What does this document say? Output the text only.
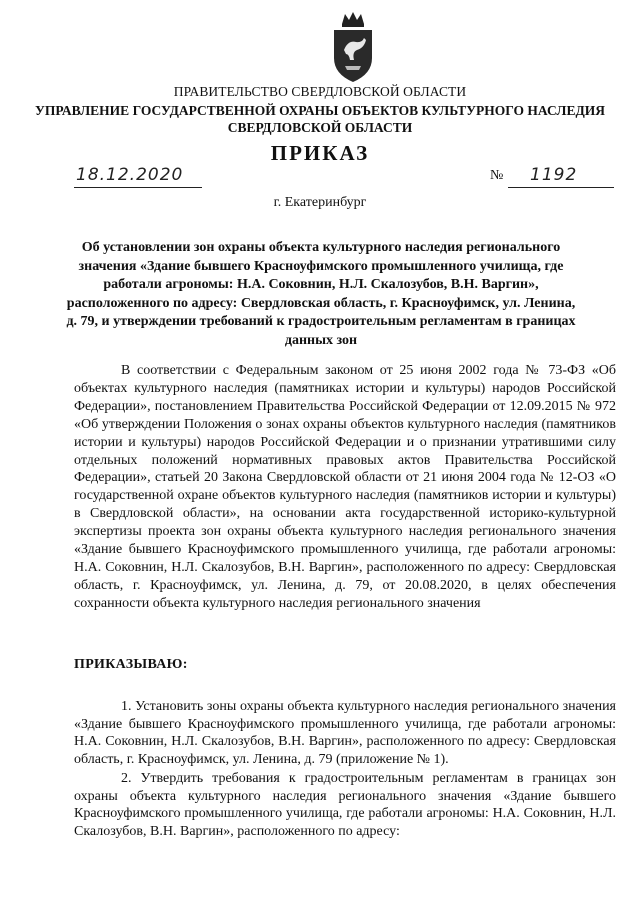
ПРАВИТЕЛЬСТВО СВЕРДЛОВСКОЙ ОБЛАСТИ
УПРАВЛЕНИЕ ГОСУДАРСТВЕННОЙ ОХРАНЫ ОБЪЕКТОВ КУЛЬТУРНОГО НАСЛЕДИЯ
СВЕРДЛОВСКОЙ ОБЛАСТИ
ПРИКАЗ
18.12.2020	№ 1192
г. Екатеринбург
Об установлении зон охраны объекта культурного наследия регионального значения «Здание бывшего Красноуфимского промышленного училища, где работали агрономы: Н.А. Соковнин, Н.Л. Скалозубов, В.Н. Варгин», расположенного по адресу: Свердловская область, г. Красноуфимск, ул. Ленина, д. 79, и утверждении требований к градостроительным регламентам в границах данных зон
В соответствии с Федеральным законом от 25 июня 2002 года № 73-ФЗ «Об объектах культурного наследия (памятниках истории и культуры) народов Российской Федерации», постановлением Правительства Российской Федерации от 12.09.2015 № 972 «Об утверждении Положения о зонах охраны объектов культурного наследия (памятников истории и культуры) народов Российской Федерации и о признании утратившими силу отдельных положений нормативных правовых актов Правительства Российской Федерации», статьей 20 Закона Свердловской области от 21 июня 2004 года № 12-ОЗ «О государственной охране объектов культурного наследия (памятников истории и культуры) в Свердловской области», на основании акта государственной историко-культурной экспертизы проекта зон охраны объекта культурного наследия регионального значения «Здание бывшего Красноуфимского промышленного училища, где работали агрономы: Н.А. Соковнин, Н.Л. Скалозубов, В.Н. Варгин», расположенного по адресу: Свердловская область, г. Красноуфимск, ул. Ленина, д. 79, от 20.08.2020, в целях обеспечения сохранности объекта культурного наследия регионального значения
ПРИКАЗЫВАЮ:

1. Установить зоны охраны объекта культурного наследия регионального значения «Здание бывшего Красноуфимского промышленного училища, где работали агрономы: Н.А. Соковнин, Н.Л. Скалозубов, В.Н. Варгин», расположенного по адресу: Свердловская область, г. Красноуфимск, ул. Ленина, д. 79 (приложение № 1).

2. Утвердить требования к градостроительным регламентам в границах зон охраны объекта культурного наследия регионального значения «Здание бывшего Красноуфимского промышленного училища, где работали агрономы: Н.А. Соковнин, Н.Л. Скалозубов, В.Н. Варгин», расположенного по адресу:
